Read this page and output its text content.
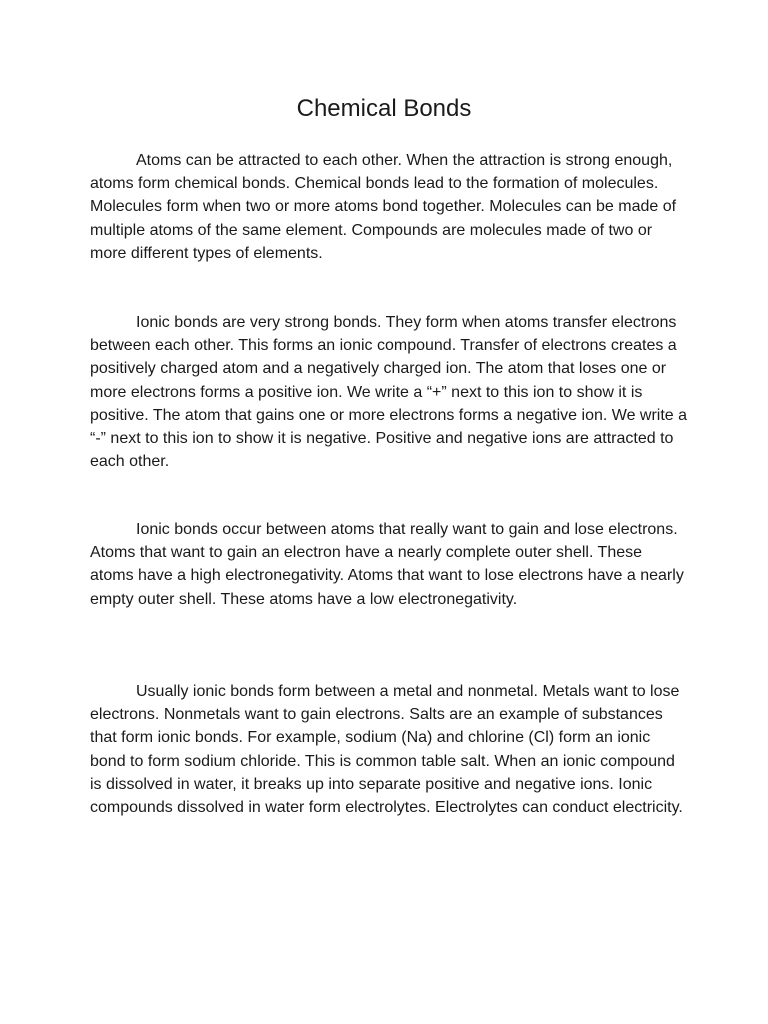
Chemical Bonds

Atoms can be attracted to each other. When the attraction is strong enough, atoms form chemical bonds. Chemical bonds lead to the formation of molecules. Molecules form when two or more atoms bond together. Molecules can be made of multiple atoms of the same element. Compounds are molecules made of two or more different types of elements.

Ionic bonds are very strong bonds. They form when atoms transfer electrons between each other. This forms an ionic compound. Transfer of electrons creates a positively charged atom and a negatively charged ion. The atom that loses one or more electrons forms a positive ion. We write a “+” next to this ion to show it is positive. The atom that gains one or more electrons forms a negative ion. We write a “-” next to this ion to show it is negative. Positive and negative ions are attracted to each other.

Ionic bonds occur between atoms that really want to gain and lose electrons. Atoms that want to gain an electron have a nearly complete outer shell. These atoms have a high electronegativity. Atoms that want to lose electrons have a nearly empty outer shell. These atoms have a low electronegativity.

Usually ionic bonds form between a metal and nonmetal. Metals want to lose electrons. Nonmetals want to gain electrons. Salts are an example of substances that form ionic bonds. For example, sodium (Na) and chlorine (Cl) form an ionic bond to form sodium chloride. This is common table salt. When an ionic compound is dissolved in water, it breaks up into separate positive and negative ions. Ionic compounds dissolved in water form electrolytes. Electrolytes can conduct electricity.
